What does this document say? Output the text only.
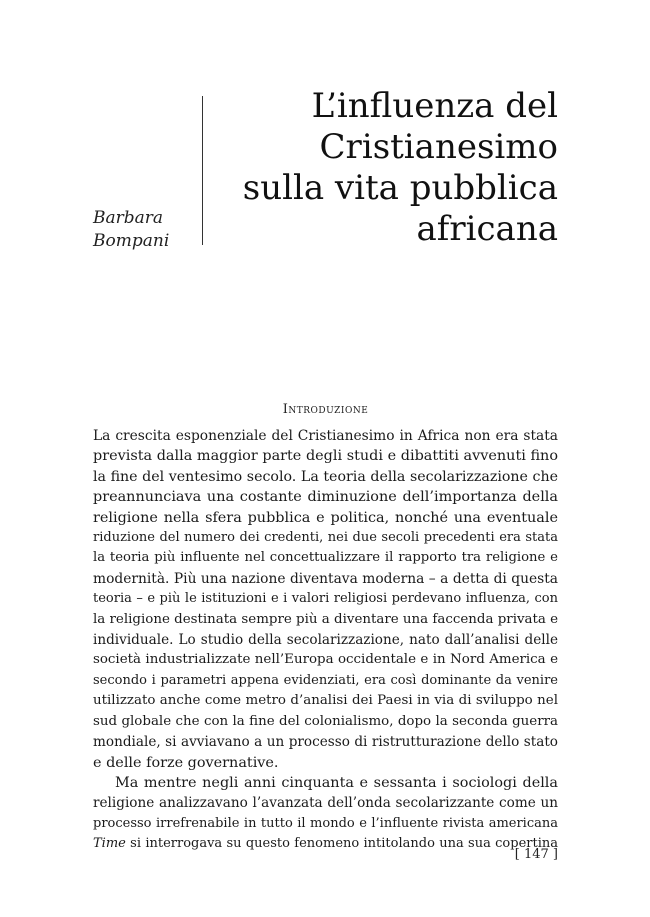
Barbara
Bompani
L’influenza del
Cristianesimo
sulla vita pubblica
africana
Introduzione
La crescita esponenziale del Cristianesimo in Africa non era stata
prevista dalla maggior parte degli studi e dibattiti avvenuti fino
la fine del ventesimo secolo. La teoria della secolarizzazione che
preannunciava una costante diminuzione dell’importanza della
religione nella sfera pubblica e politica, nonché una eventuale
riduzione del numero dei credenti, nei due secoli precedenti era stata
la teoria più influente nel concettualizzare il rapporto tra religione e
modernità. Più una nazione diventava moderna – a detta di questa
teoria – e più le istituzioni e i valori religiosi perdevano influenza, con
la religione destinata sempre più a diventare una faccenda privata e
individuale. Lo studio della secolarizzazione, nato dall’analisi delle
società industrializzate nell’Europa occidentale e in Nord America e
secondo i parametri appena evidenziati, era così dominante da venire
utilizzato anche come metro d’analisi dei Paesi in via di sviluppo nel
sud globale che con la fine del colonialismo, dopo la seconda guerra
mondiale, si avviavano a un processo di ristrutturazione dello stato
e delle forze governative.
Ma mentre negli anni cinquanta e sessanta i sociologi della
religione analizzavano l’avanzata dell’onda secolarizzante come un
processo irrefrenabile in tutto il mondo e l’influente rivista americana
Time si interrogava su questo fenomeno intitolando una sua copertina
[ 147 ]
